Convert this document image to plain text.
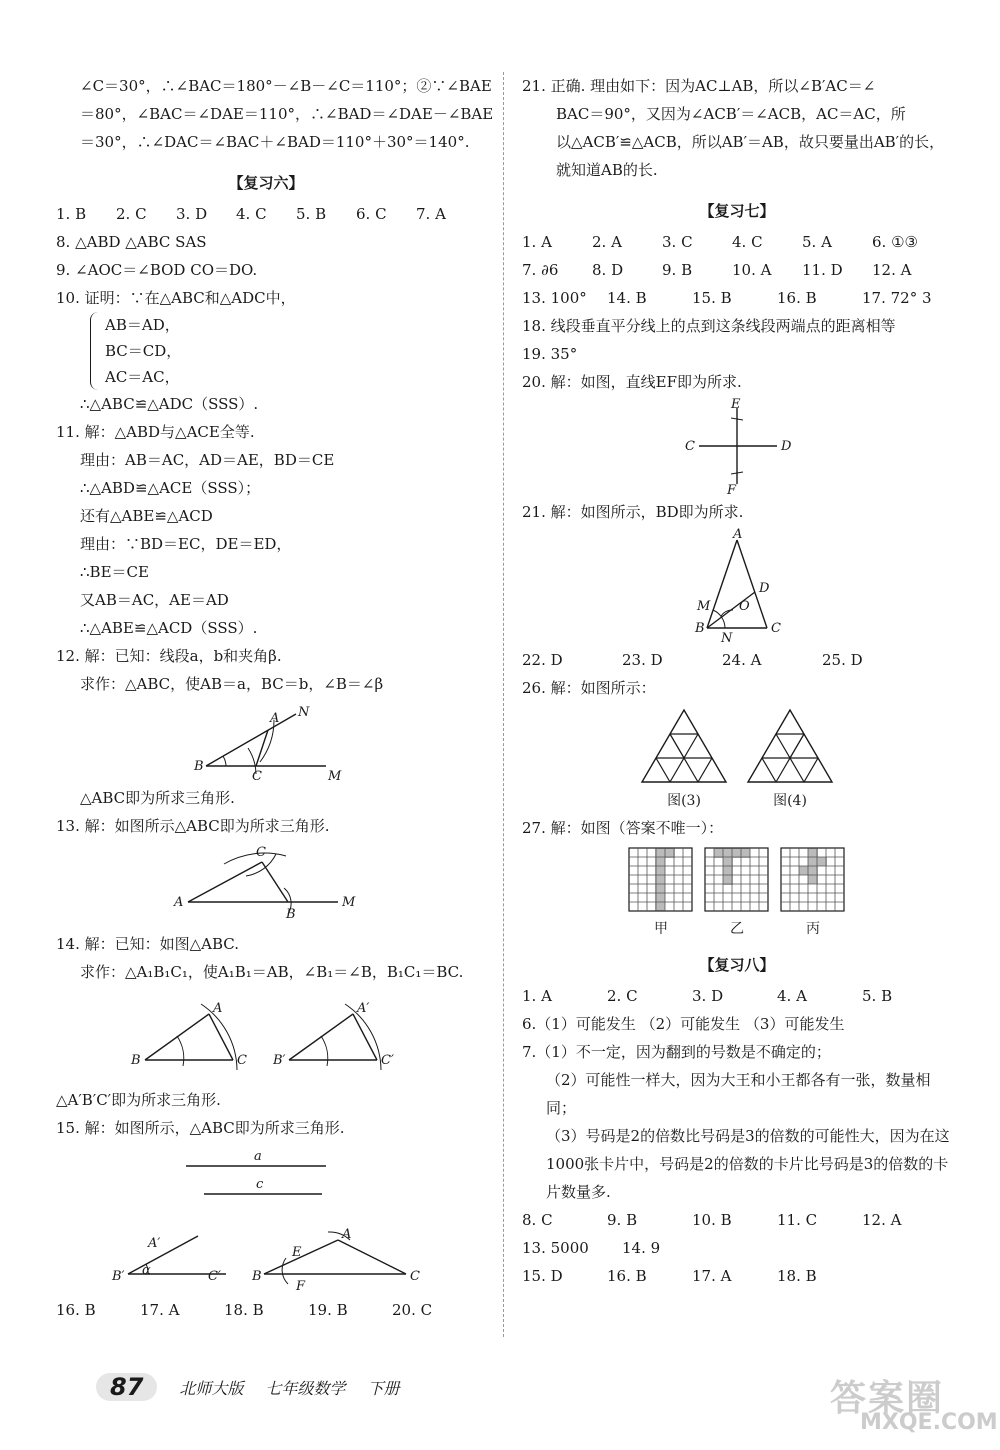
∠C＝30°，∴∠BAC＝180°－∠B－∠C＝110°；②∵∠BAE
＝80°，∠BAC＝∠DAE＝110°，∴∠BAD＝∠DAE－∠BAE
＝30°，∴∠DAC＝∠BAC＋∠BAD＝110°＋30°＝140°.
【复习六】
1. B	2. C	3. D	4. C	5. B	6. C	7. A
8. △ABD △ABC SAS
9. ∠AOC＝∠BOD CO＝DO.
10. 证明：∵在△ABC和△ADC中，
AB＝AD，
BC＝CD，
AC＝AC，
∴△ABC≌△ADC（SSS）.
11. 解：△ABD与△ACE全等.
理由：AB＝AC，AD＝AE，BD＝CE
∴△ABD≌△ACE（SSS）；
还有△ABE≌△ACD
理由：∵BD＝EC，DE＝ED，
∴BE＝CE
又AB＝AC，AE＝AD
∴△ABE≌△ACD（SSS）.
12. 解：已知：线段a，b和夹角β.
求作：△ABC，使AB＝a，BC＝b，∠B＝∠β
A N
B
C	M
△ABC即为所求三角形.
13. 解：如图所示△ABC即为所求三角形.
C
A
B
M
14. 解：已知：如图△ABC.
求作：△A₁B₁C₁，使A₁B₁＝AB，∠B₁＝∠B，B₁C₁＝BC.
A
B	C
A′
B′	C′
△A′B′C′即为所求三角形.
15. 解：如图所示，△ABC即为所求三角形.
a
c
A′
B′	C′
α
A
E
B
F
C
16. B	17. A	18. B	19. B	20. C
21. 正确. 理由如下：因为AC⊥AB，所以∠B′AC＝∠
BAC＝90°，又因为∠ACB′＝∠ACB，AC＝AC，所
以△ACB′≌△ACB，所以AB′＝AB，故只要量出AB′的长，
就知道AB的长.
【复习七】
1. A	2. A	3. C	4. C	5. A	6. ①③
7. ∂6	8. D	9. B	10. A	11. D	12. A
13. 100°	14. B	15. B	16. B	17. 72° 3
18. 线段垂直平分线上的点到这条线段两端点的距离相等
19. 35°
20. 解：如图，直线EF即为所求.
E
C	D
F
21. 解：如图所示，BD即为所求.
A
D
M O
B
N
C
22. D	23. D	24. A	25. D
26. 解：如图所示：
图(3)	图(4)
27. 解：如图（答案不唯一）：
甲	乙	丙
【复习八】
1. A	2. C	3. D	4. A	5. B
6.（1）可能发生 （2）可能发生 （3）可能发生
7.（1）不一定，因为翻到的号数是不确定的；
（2）可能性一样大，因为大王和小王都各有一张，数量相同；
（3）号码是2的倍数比号码是3的倍数的可能性大，因为在这1000张卡片中，号码是2的倍数的卡片比号码是3的倍数的卡片数量多.
8. C	9. B	10. B	11. C	12. A
13. 5000	14. 9
15. D	16. B	17. A	18. B
87	北师大版 七年级数学 下册	答案圈
MXQE.COM
